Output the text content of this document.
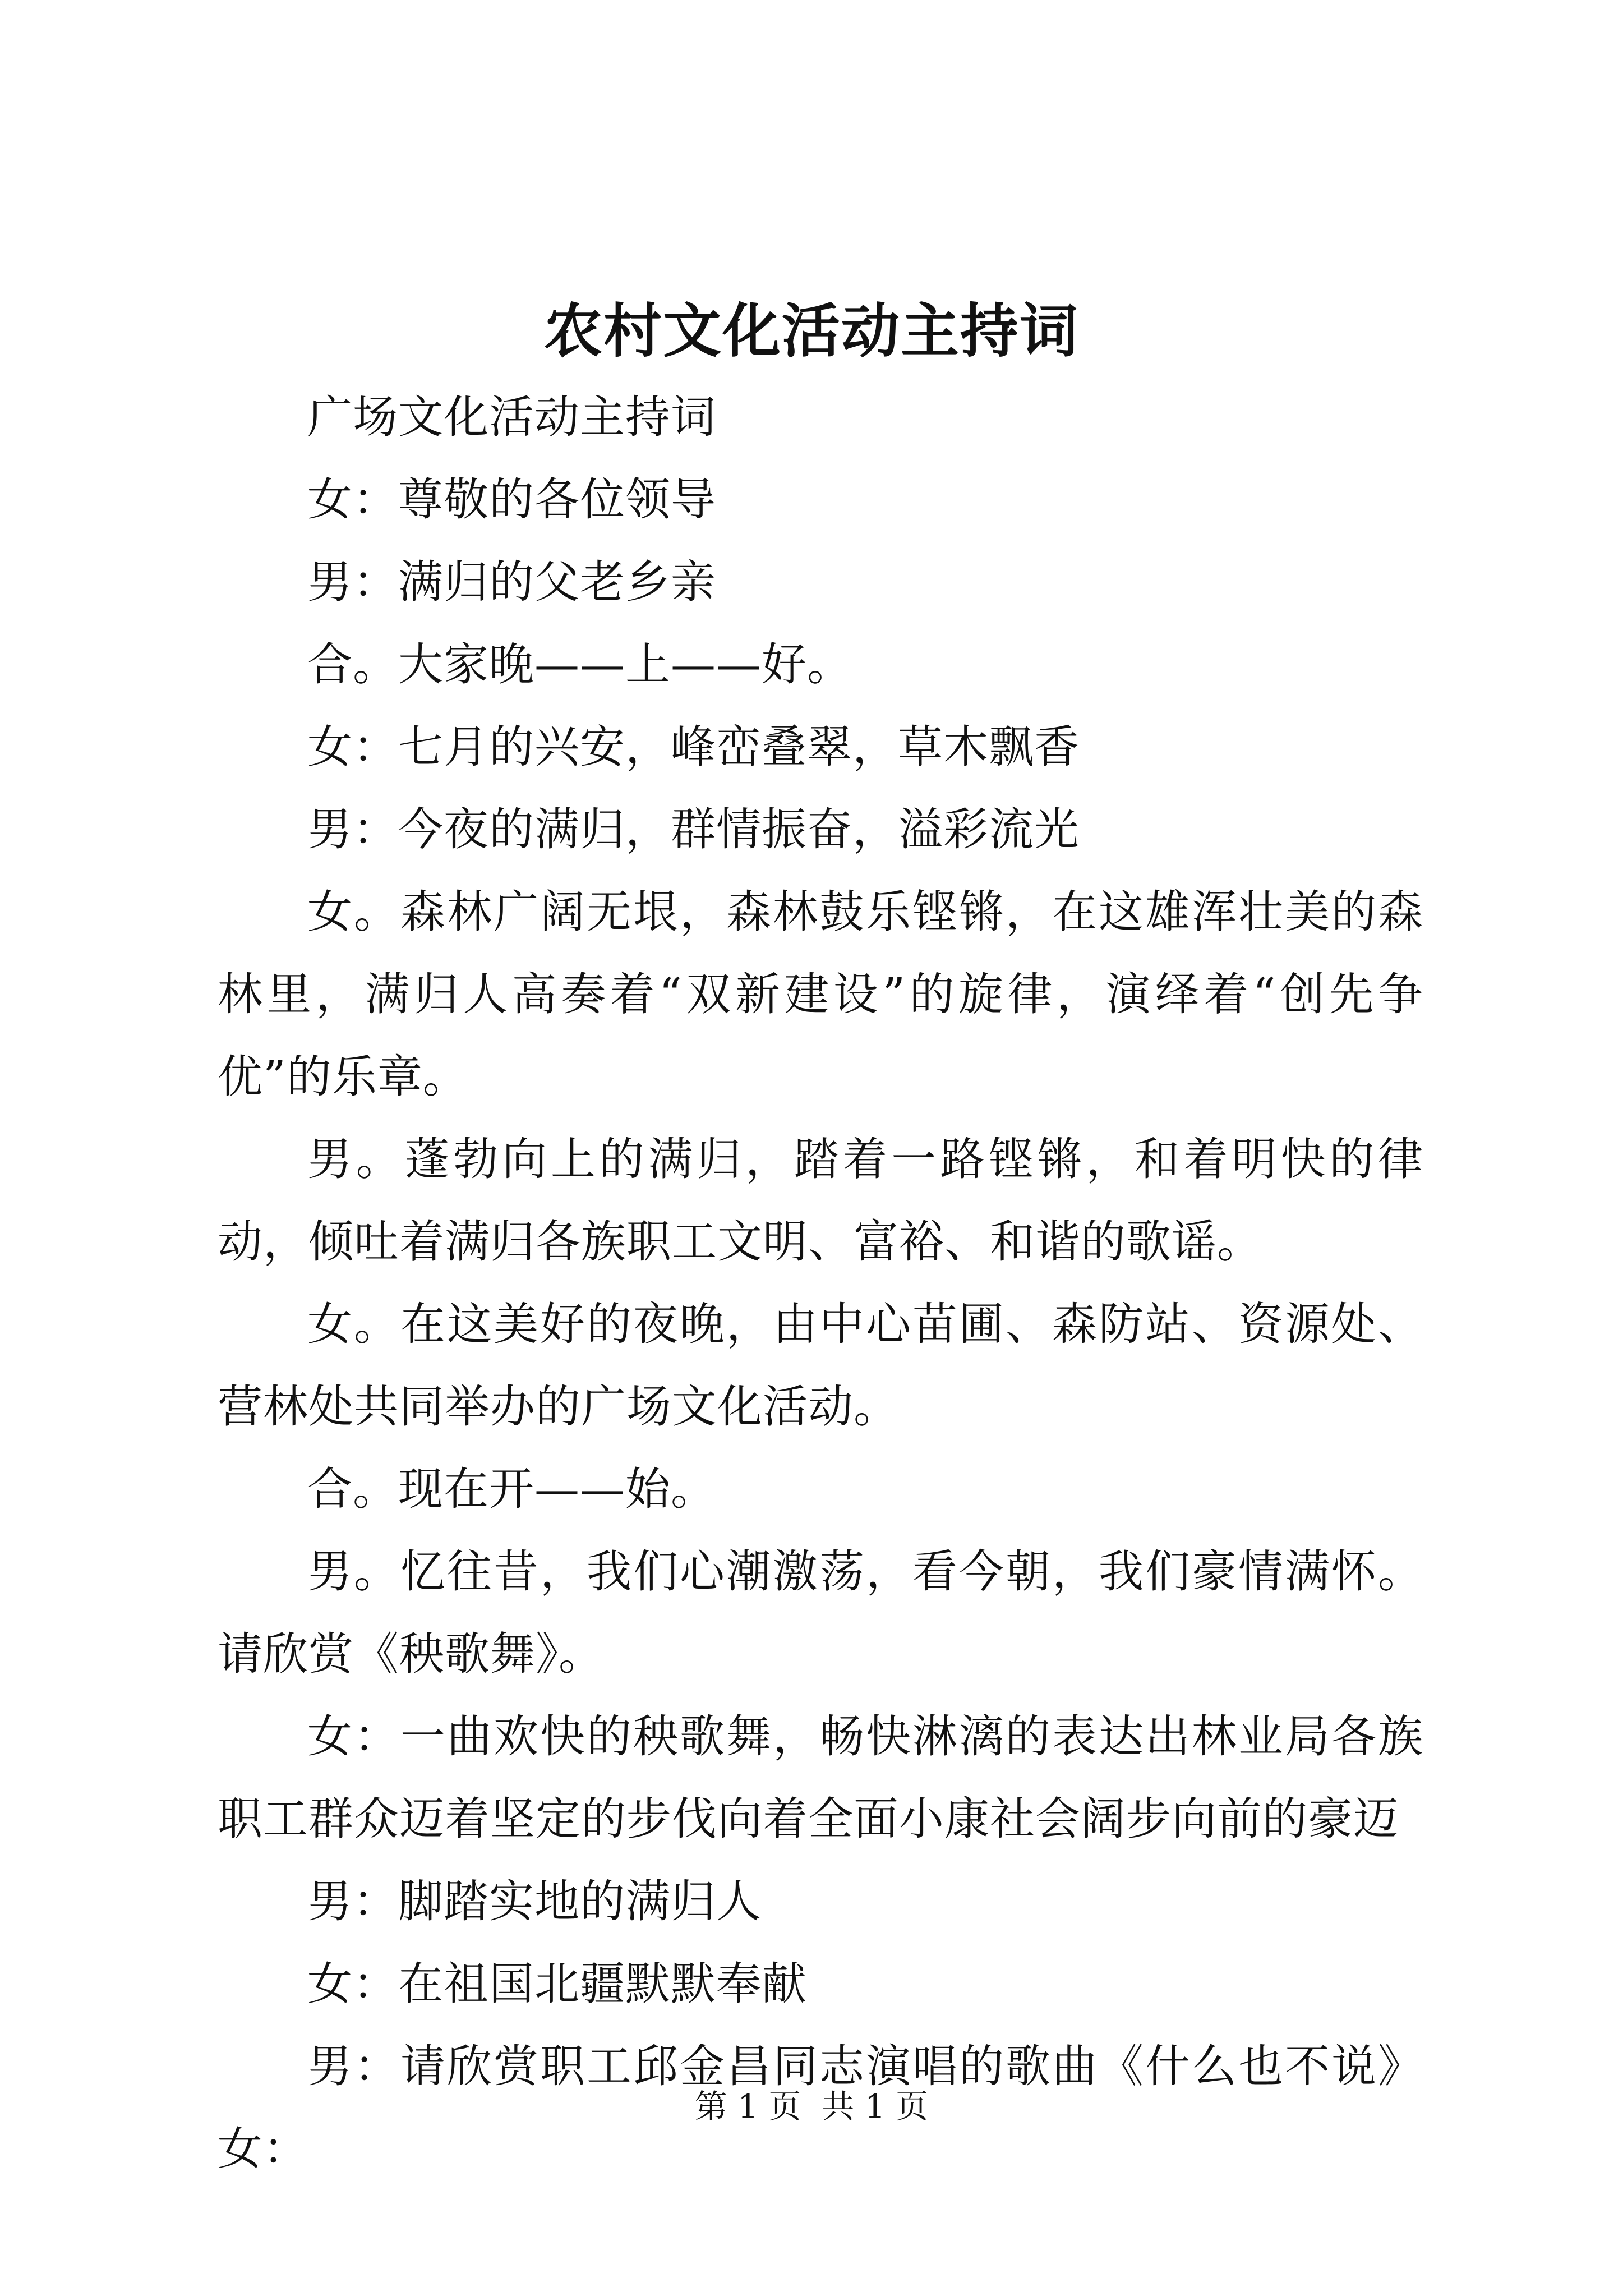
农村文化活动主持词

广场文化活动主持词

女：尊敬的各位领导

男：满归的父老乡亲

合。大家晚——上——好。

女：七月的兴安，峰峦叠翠，草木飘香

男：今夜的满归，群情振奋，溢彩流光

女。森林广阔无垠，森林鼓乐铿锵，在这雄浑壮美的森林里，满归人高奏着“双新建设”的旋律，演绎着“创先争优”的乐章。

男。蓬勃向上的满归，踏着一路铿锵，和着明快的律动，倾吐着满归各族职工文明、富裕、和谐的歌谣。

女。在这美好的夜晚，由中心苗圃、森防站、资源处、营林处共同举办的广场文化活动。

合。现在开——始。

男。忆往昔，我们心潮激荡，看今朝，我们豪情满怀。请欣赏《秧歌舞》。

女：一曲欢快的秧歌舞，畅快淋漓的表达出林业局各族职工群众迈着坚定的步伐向着全面小康社会阔步向前的豪迈

男：脚踏实地的满归人

女：在祖国北疆默默奉献

男：请欣赏职工邱金昌同志演唱的歌曲《什么也不说》女：

第 1 页 共 1 页
